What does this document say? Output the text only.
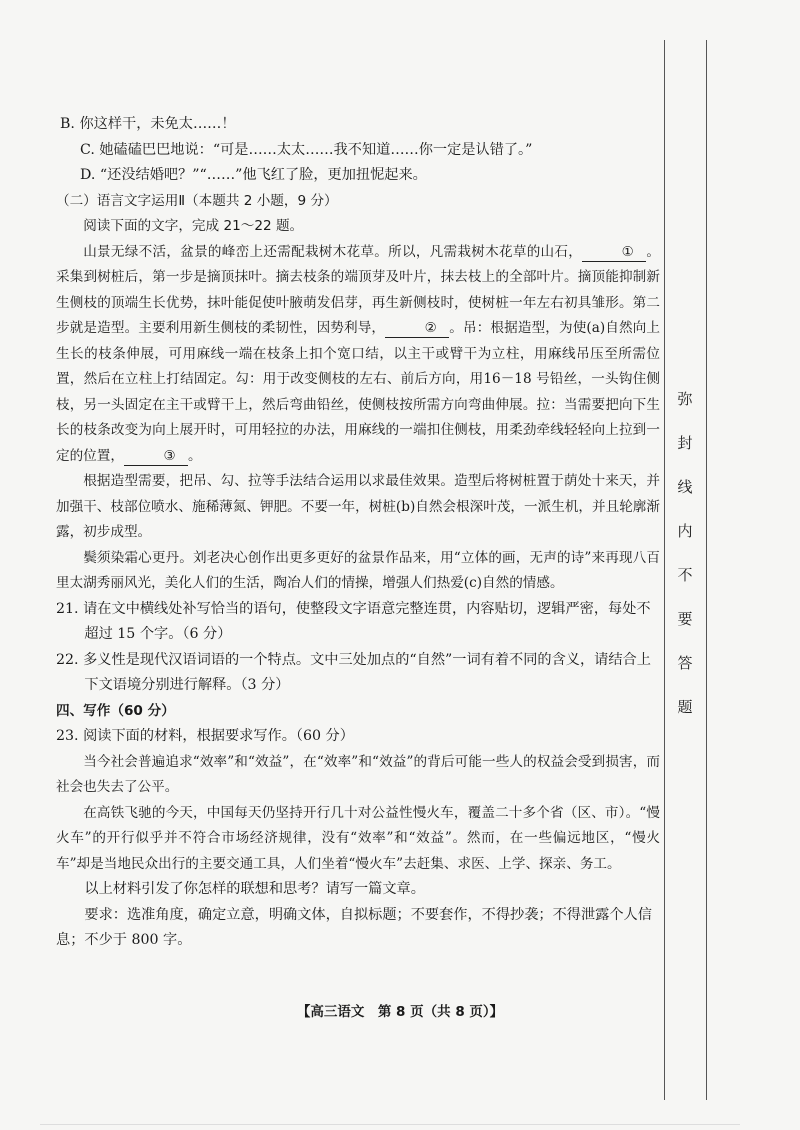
B. 你这样干，未免太……！

C. 她磕磕巴巴地说：“可是……太太……我不知道……你一定是认错了。”

D. “还没结婚吧？”“……”他飞红了脸，更加扭怩起来。

（二）语言文字运用Ⅱ（本题共 2 小题，9 分）

阅读下面的文字，完成 21～22 题。

山景无绿不活，盆景的峰峦上还需配栽树木花草。所以，凡需栽树木花草的山石，	① 。采集到树桩后，第一步是摘顶抹叶。摘去枝条的端顶芽及叶片，抹去枝上的全部叶片。摘顶能抑制新生侧枝的顶端生长优势，抹叶能促使叶腋萌发侣芽，再生新侧枝时，使树桩一年左右初具雏形。第二步就是造型。主要利用新生侧枝的柔韧性，因势利导，	② 。吊：根据造型，为使(a)自然向上生长的枝条伸展，可用麻线一端在枝条上扣个宽口结，以主干或臂干为立柱，用麻线吊压至所需位置，然后在立柱上打结固定。勾：用于改变侧枝的左右、前后方向，用16－18 号铅丝，一头钩住侧枝，另一头固定在主干或臂干上，然后弯曲铅丝，使侧枝按所需方向弯曲伸展。拉：当需要把向下生长的枝条改变为向上展开时，可用轻拉的办法，用麻线的一端扣住侧枝，用柔劲牵线轻轻向上拉到一定的位置，	③ 。

根据造型需要，把吊、勾、拉等手法结合运用以求最佳效果。造型后将树桩置于荫处十来天，并加强干、枝部位喷水、施稀薄氮、钾肥。不要一年，树桩(b)自然会根深叶茂，一派生机，并且轮廓渐露，初步成型。

鬓须染霜心更丹。刘老决心创作出更多更好的盆景作品来，用“立体的画，无声的诗”来再现八百里太湖秀丽风光，美化人们的生活，陶冶人们的情操，增强人们热爱(c)自然的情感。

21. 请在文中横线处补写恰当的语句，使整段文字语意完整连贯，内容贴切，逻辑严密，每处不超过 15 个字。（6 分）

22. 多义性是现代汉语词语的一个特点。文中三处加点的“自然”一词有着不同的含义，请结合上下文语境分别进行解释。（3 分）

四、写作（60 分）

23. 阅读下面的材料，根据要求写作。（60 分）

当今社会普遍追求“效率”和“效益”，在“效率”和“效益”的背后可能一些人的权益会受到损害，而社会也失去了公平。

在高铁飞驰的今天，中国每天仍坚持开行几十对公益性慢火车，覆盖二十多个省（区、市）。“慢火车”的开行似乎并不符合市场经济规律，没有“效率”和“效益”。然而，在一些偏远地区，“慢火车”却是当地民众出行的主要交通工具，人们坐着“慢火车”去赶集、求医、上学、探亲、务工。

以上材料引发了你怎样的联想和思考？请写一篇文章。

要求：选准角度，确定立意，明确文体，自拟标题；不要套作，不得抄袭；不得泄露个人信息；不少于 800 字。

弥
封
线
内
不
要
答
题
【高三语文　第 8 页（共 8 页）】
